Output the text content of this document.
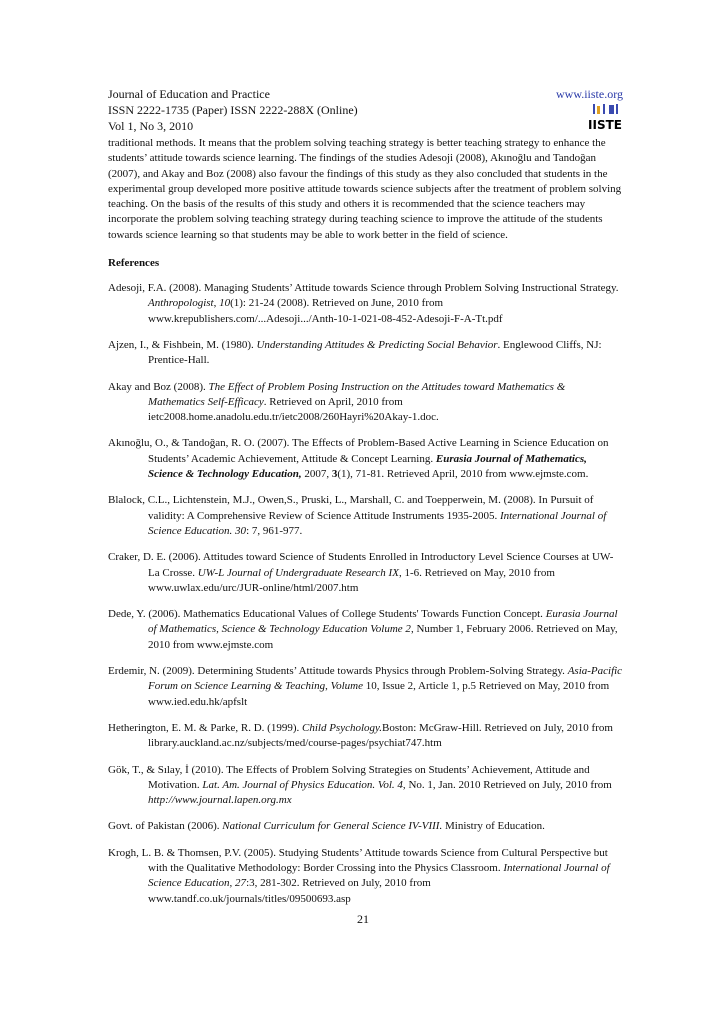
Journal of Education and Practice	www.iiste.org
ISSN 2222-1735 (Paper) ISSN 2222-288X (Online)
Vol 1, No 3, 2010	IISTE
traditional methods. It means that the problem solving teaching strategy is better teaching strategy to enhance the students’ attitude towards science learning. The findings of the studies Adesoji (2008), Akınoğlu and Tandoğan (2007), and Akay and Boz (2008) also favour the findings of this study as they also concluded that students in the experimental group developed more positive attitude towards science subjects after the treatment of problem solving teaching. On the basis of the results of this study and others it is recommended that the science teachers may incorporate the problem solving teaching strategy during teaching science to improve the attitude of the students towards science learning so that students may be able to work better in the field of science.
References
Adesoji, F.A. (2008). Managing Students’ Attitude towards Science through Problem Solving Instructional Strategy. Anthropologist, 10(1): 21-24 (2008). Retrieved on June, 2010 from www.krepublishers.com/...Adesoji.../Anth-10-1-021-08-452-Adesoji-F-A-Tt.pdf
Ajzen, I., & Fishbein, M. (1980). Understanding Attitudes & Predicting Social Behavior. Englewood Cliffs, NJ: Prentice-Hall.
Akay and Boz (2008). The Effect of Problem Posing Instruction on the Attitudes toward Mathematics & Mathematics Self-Efficacy. Retrieved on April, 2010 from ietc2008.home.anadolu.edu.tr/ietc2008/260Hayri%20Akay-1.doc.
Akınoğlu, O., & Tandoğan, R. O. (2007). The Effects of Problem-Based Active Learning in Science Education on Students’ Academic Achievement, Attitude & Concept Learning. Eurasia Journal of Mathematics, Science & Technology Education, 2007, 3(1), 71-81. Retrieved April, 2010 from www.ejmste.com.
Blalock, C.L., Lichtenstein, M.J., Owen,S., Pruski, L., Marshall, C. and Toepperwein, M. (2008). In Pursuit of validity: A Comprehensive Review of Science Attitude Instruments 1935-2005. International Journal of Science Education. 30: 7, 961-977.
Craker, D. E. (2006). Attitudes toward Science of Students Enrolled in Introductory Level Science Courses at UW-La Crosse. UW-L Journal of Undergraduate Research IX, 1-6. Retrieved on May, 2010 from www.uwlax.edu/urc/JUR-online/html/2007.htm
Dede, Y. (2006). Mathematics Educational Values of College Students' Towards Function Concept. Eurasia Journal of Mathematics, Science & Technology Education Volume 2, Number 1, February 2006. Retrieved on May, 2010 from www.ejmste.com
Erdemir, N. (2009). Determining Students’ Attitude towards Physics through Problem-Solving Strategy. Asia-Pacific Forum on Science Learning & Teaching, Volume 10, Issue 2, Article 1, p.5 Retrieved on May, 2010 from www.ied.edu.hk/apfslt
Hetherington, E. M. & Parke, R. D. (1999). Child Psychology.Boston: McGraw-Hill. Retrieved on July, 2010 from library.auckland.ac.nz/subjects/med/course-pages/psychiat747.htm
Gök, T., & Sılay, İ (2010). The Effects of Problem Solving Strategies on Students’ Achievement, Attitude and Motivation. Lat. Am. Journal of Physics Education. Vol. 4, No. 1, Jan. 2010 Retrieved on July, 2010 from http://www.journal.lapen.org.mx
Govt. of Pakistan (2006). National Curriculum for General Science IV-VIII. Ministry of Education.
Krogh, L. B. & Thomsen, P.V. (2005). Studying Students’ Attitude towards Science from Cultural Perspective but with the Qualitative Methodology: Border Crossing into the Physics Classroom. International Journal of Science Education, 27:3, 281-302. Retrieved on July, 2010 from www.tandf.co.uk/journals/titles/09500693.asp
21
